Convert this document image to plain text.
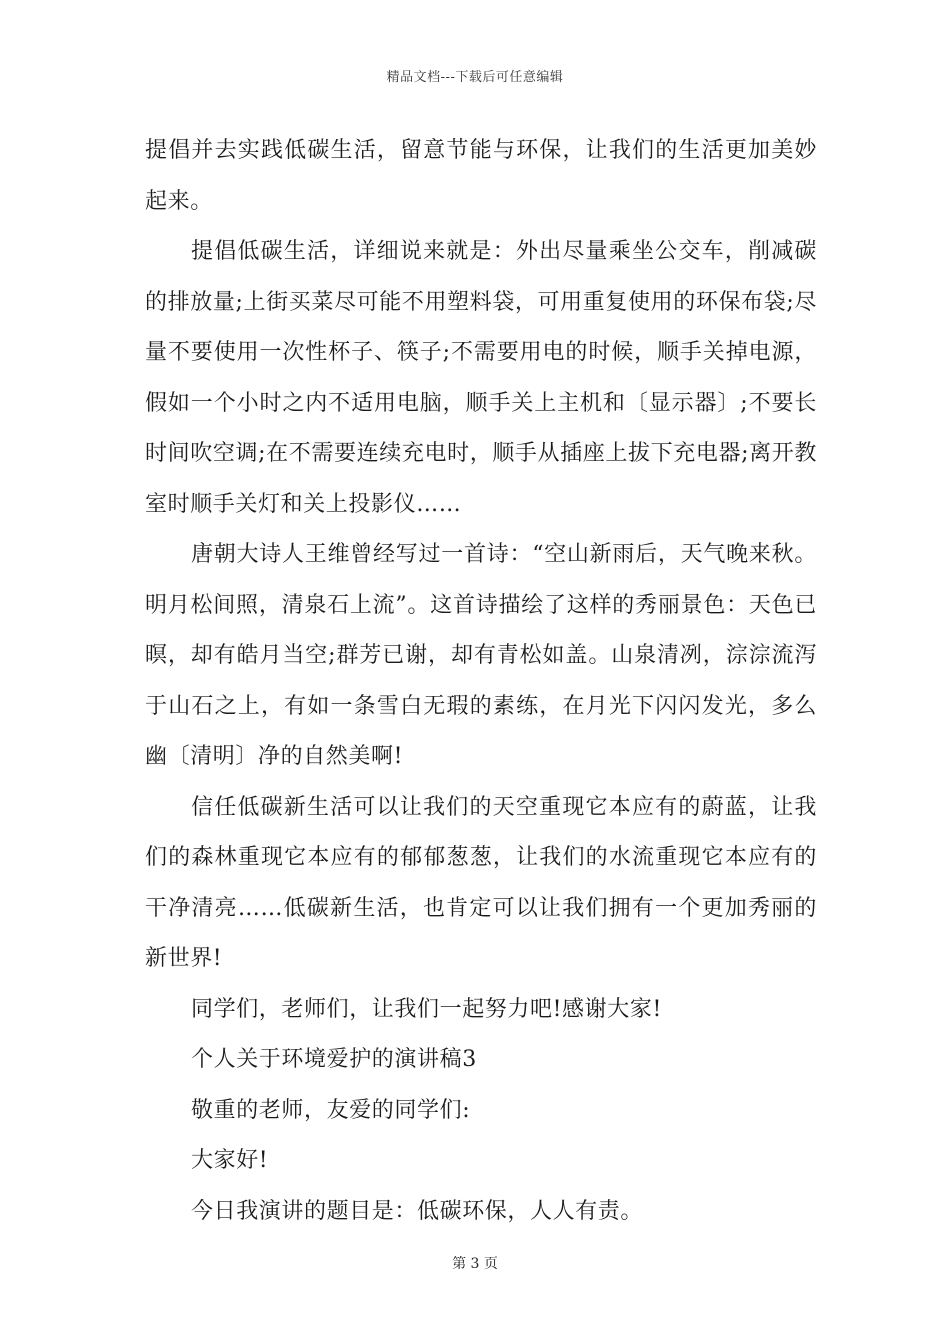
精品文档---下载后可任意编辑

提倡并去实践低碳生活，留意节能与环保，让我们的生活更加美妙起来。

提倡低碳生活，详细说来就是：外出尽量乘坐公交车，削减碳的排放量;上街买菜尽可能不用塑料袋，可用重复使用的环保布袋;尽量不要使用一次性杯子、筷子;不需要用电的时候，顺手关掉电源，假如一个小时之内不适用电脑，顺手关上主机和〔显示器〕;不要长时间吹空调;在不需要连续充电时，顺手从插座上拔下充电器;离开教室时顺手关灯和关上投影仪……

唐朝大诗人王维曾经写过一首诗：“空山新雨后，天气晚来秋。明月松间照，清泉石上流”。这首诗描绘了这样的秀丽景色：天色已暝，却有皓月当空;群芳已谢，却有青松如盖。山泉清冽，淙淙流泻于山石之上，有如一条雪白无瑕的素练，在月光下闪闪发光，多么幽〔清明〕净的自然美啊!

信任低碳新生活可以让我们的天空重现它本应有的蔚蓝，让我们的森林重现它本应有的郁郁葱葱，让我们的水流重现它本应有的干净清亮……低碳新生活，也肯定可以让我们拥有一个更加秀丽的新世界!

同学们，老师们，让我们一起努力吧!感谢大家!

个人关于环境爱护的演讲稿3

敬重的老师，友爱的同学们:

大家好!

今日我演讲的题目是：低碳环保，人人有责。

第 3 页
